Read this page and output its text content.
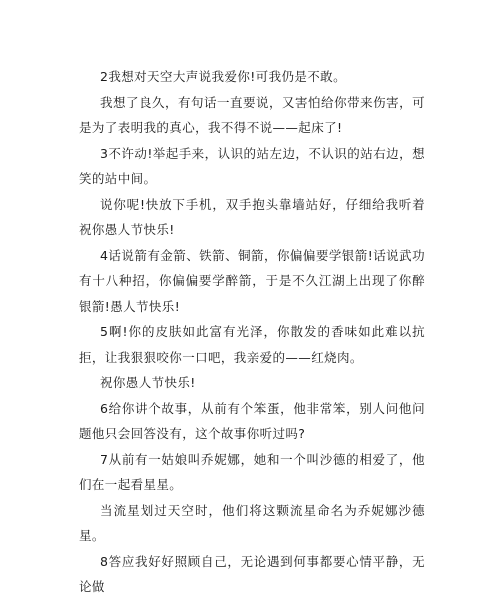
2我想对天空大声说我爱你!可我仍是不敢。

我想了良久，有句话一直要说，又害怕给你带来伤害，可是为了表明我的真心，我不得不说——起床了!

3不许动!举起手来，认识的站左边，不认识的站右边，想笑的站中间。

说你呢!快放下手机，双手抱头靠墙站好，仔细给我听着祝你愚人节快乐!

4话说箭有金箭、铁箭、铜箭，你偏偏要学银箭!话说武功有十八种招，你偏偏要学醉箭，于是不久江湖上出现了你醉银箭!愚人节快乐!

5啊!你的皮肤如此富有光泽，你散发的香味如此难以抗拒，让我狠狠咬你一口吧，我亲爱的——红烧肉。

祝你愚人节快乐!

6给你讲个故事，从前有个笨蛋，他非常笨，别人问他问题他只会回答没有，这个故事你听过吗?

7从前有一姑娘叫乔妮娜，她和一个叫沙德的相爱了，他们在一起看星星。

当流星划过天空时，他们将这颗流星命名为乔妮娜沙德星。

8答应我好好照顾自己，无论遇到何事都要心情平静，无论做
